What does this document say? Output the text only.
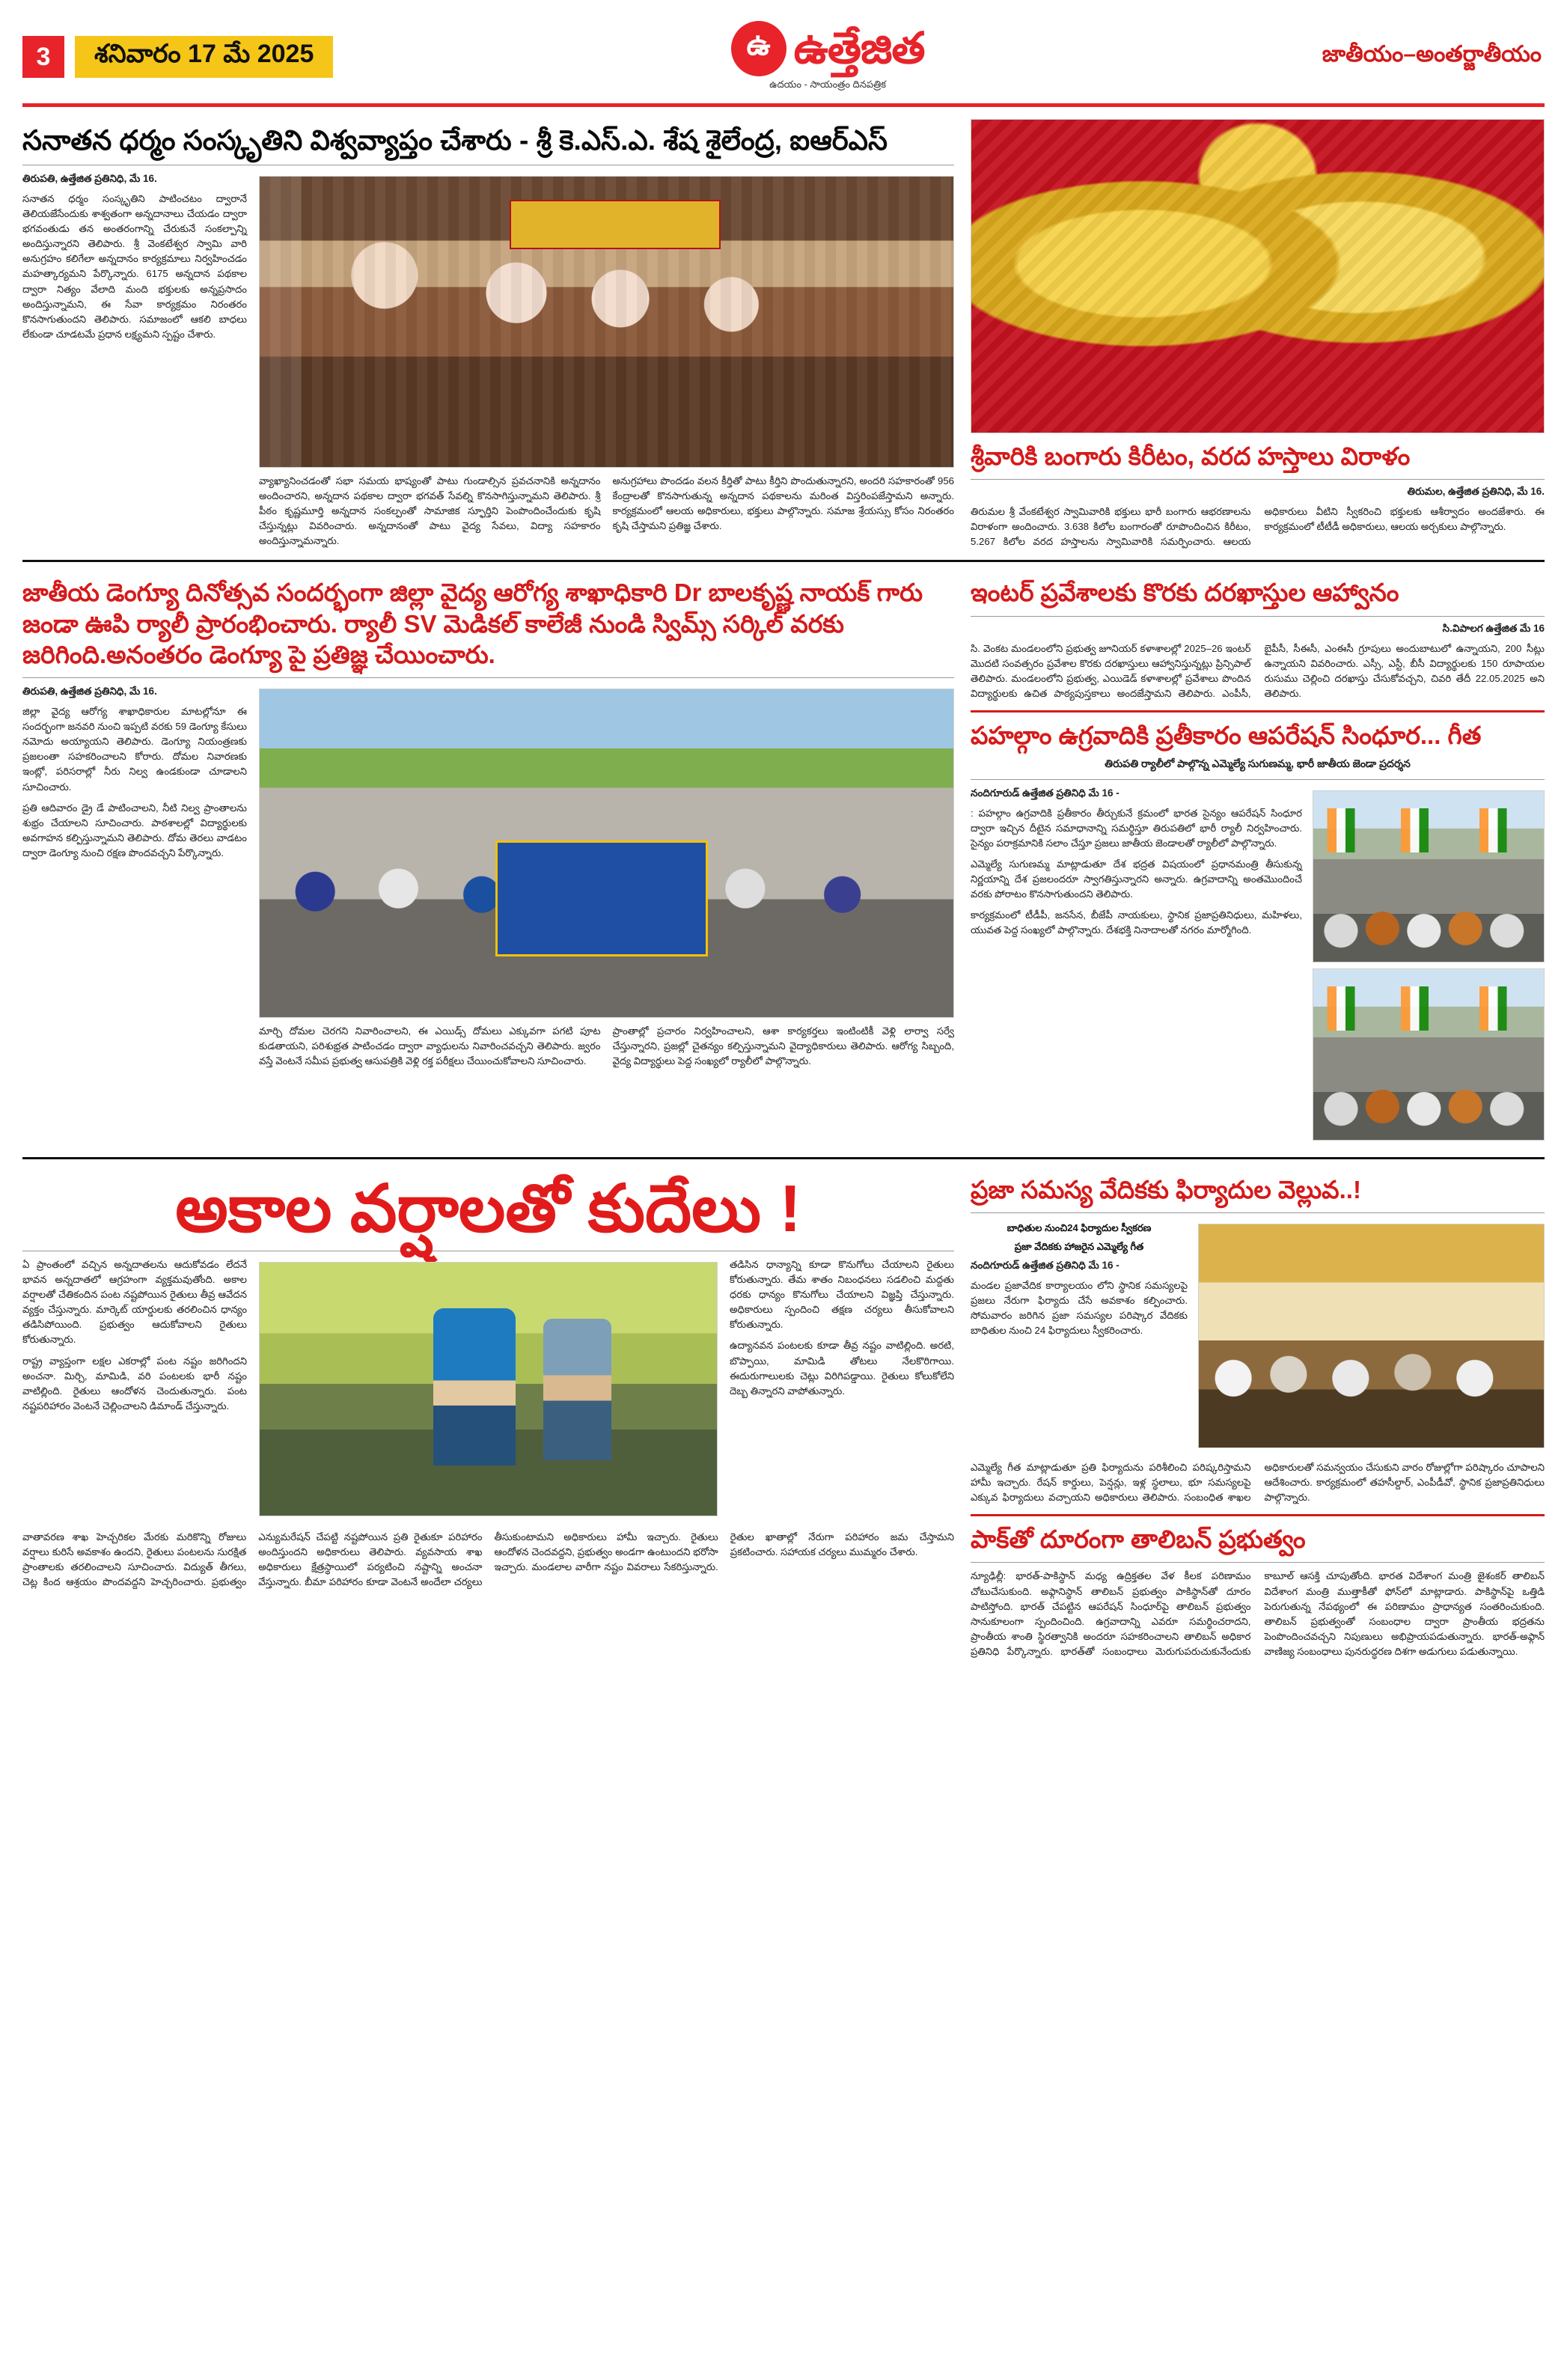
3	శనివారం 17 మే 2025	ఉ ఉత్తేజిత
ఉదయం - సాయంత్రం దినపత్రిక
జాతీయం–అంతర్జాతీయం
సనాతన ధర్మం సంస్కృతిని విశ్వవ్యాప్తం చేశారు - శ్రీ కె.ఎస్.ఎ. శేష శైలేంద్ర, ఐఆర్ఎస్
తిరుపతి, ఉత్తేజిత ప్రతినిధి, మే 16.
సనాతన ధర్మం సంస్కృతిని పాటించటం ద్వారానే తెలియజేసేందుకు శాశ్వతంగా అన్నదానాలు చేయడం ద్వారా భగవంతుడు తన అంతరంగాన్ని చేరుకునే సంకల్పాన్ని అందిస్తున్నారని తెలిపారు. శ్రీ వెంకటేశ్వర స్వామి వారి అనుగ్రహం కలిగేలా అన్నదానం కార్యక్రమాలు నిర్వహించడం మహత్కార్యమని పేర్కొన్నారు. 6175 అన్నదాన పథకాల ద్వారా నిత్యం వేలాది మంది భక్తులకు అన్నప్రసాదం అందిస్తున్నామని, ఈ సేవా కార్యక్రమం నిరంతరం కొనసాగుతుందని తెలిపారు. సమాజంలో ఆకలి బాధలు లేకుండా చూడటమే ప్రధాన లక్ష్యమని స్పష్టం చేశారు.
వ్యాఖ్యానించడంతో సభా సమయ భాష్యంతో పాటు గుండాల్సిన ప్రవచనానికి అన్నదానం అందించారని, అన్నదాన పథకాల ద్వారా భగవత్ సేవల్ని కొనసాగిస్తున్నామని తెలిపారు. శ్రీ పీఠం కృష్ణమూర్తి అన్నదాన సంకల్పంతో సామాజిక స్ఫూర్తిని పెంపొందించేందుకు కృషి చేస్తున్నట్లు వివరించారు. అన్నదానంతో పాటు వైద్య సేవలు, విద్యా సహకారం అందిస్తున్నామన్నారు.
అనుగ్రహాలు పొందడం వలన కీర్తితో పాటు కీర్తిని పొందుతున్నారని, అందరి సహకారంతో 956 కేంద్రాలతో కొనసాగుతున్న అన్నదాన పథకాలను మరింత విస్తరింపజేస్తామని అన్నారు. కార్యక్రమంలో ఆలయ అధికారులు, భక్తులు పాల్గొన్నారు. సమాజ శ్రేయస్సు కోసం నిరంతరం కృషి చేస్తామని ప్రతిజ్ఞ చేశారు.
శ్రీవారికి బంగారు కిరీటం, వరద హస్తాలు విరాళం
తిరుమల, ఉత్తేజిత ప్రతినిధి, మే 16.
తిరుమల శ్రీ వేంకటేశ్వర స్వామివారికి భక్తులు భారీ బంగారు ఆభరణాలను విరాళంగా అందించారు. 3.638 కిలోల బంగారంతో రూపొందించిన కిరీటం, 5.267 కిలోల వరద హస్తాలను స్వామివారికి సమర్పించారు. ఆలయ అధికారులు వీటిని స్వీకరించి భక్తులకు ఆశీర్వాదం అందజేశారు. ఈ కార్యక్రమంలో టీటీడీ అధికారులు, ఆలయ అర్చకులు పాల్గొన్నారు.
జాతీయ డెంగ్యూ దినోత్సవ సందర్భంగా జిల్లా వైద్య ఆరోగ్య శాఖాధికారి Dr బాలకృష్ణ నాయక్ గారు జండా ఊపి ర్యాలీ ప్రారంభించారు. ర్యాలీ SV మెడికల్ కాలేజీ నుండి స్విమ్స్ సర్కిల్ వరకు జరిగింది.అనంతరం డెంగ్యూ పై ప్రతిజ్ఞ చేయించారు.
తిరుపతి, ఉత్తేజిత ప్రతినిధి, మే 16.
జిల్లా వైద్య ఆరోగ్య శాఖాధికారుల మాటల్లోనూ ఈ సందర్భంగా జనవరి నుంచి ఇప్పటి వరకు 59 డెంగ్యూ కేసులు నమోదు అయ్యాయని తెలిపారు. డెంగ్యూ నియంత్రణకు ప్రజలంతా సహకరించాలని కోరారు. దోమల నివారణకు ఇంట్లో, పరిసరాల్లో నీరు నిల్వ ఉండకుండా చూడాలని సూచించారు.
ప్రతి ఆదివారం డ్రై డే పాటించాలని, నీటి నిల్వ ప్రాంతాలను శుభ్రం చేయాలని సూచించారు. పాఠశాలల్లో విద్యార్థులకు అవగాహన కల్పిస్తున్నామని తెలిపారు. దోమ తెరలు వాడటం ద్వారా డెంగ్యూ నుంచి రక్షణ పొందవచ్చని పేర్కొన్నారు.
మార్చి దోమల చెరగని నివారించాలని, ఈ ఎయిడ్స్ దోమలు ఎక్కువగా పగటి పూట కుడతాయని, పరిశుభ్రత పాటించడం ద్వారా వ్యాధులను నివారించవచ్చని తెలిపారు. జ్వరం వస్తే వెంటనే సమీప ప్రభుత్వ ఆసుపత్రికి వెళ్లి రక్త పరీక్షలు చేయించుకోవాలని సూచించారు.
ప్రాంతాల్లో ప్రచారం నిర్వహించాలని, ఆశా కార్యకర్తలు ఇంటింటికీ వెళ్లి లార్వా సర్వే చేస్తున్నారని, ప్రజల్లో చైతన్యం కల్పిస్తున్నామని వైద్యాధికారులు తెలిపారు. ఆరోగ్య సిబ్బంది, వైద్య విద్యార్థులు పెద్ద సంఖ్యలో ర్యాలీలో పాల్గొన్నారు.
ఇంటర్ ప్రవేశాలకు కొరకు దరఖాస్తుల ఆహ్వానం
సి.విపాలగ ఉత్తేజిత మే 16
సి. వెంకట మండలంలోని ప్రభుత్వ జూనియర్ కళాశాలల్లో 2025–26 ఇంటర్ మొదటి సంవత్సరం ప్రవేశాల కొరకు దరఖాస్తులు ఆహ్వానిస్తున్నట్లు ప్రిన్సిపాల్ తెలిపారు. మండలంలోని ప్రభుత్వ, ఎయిడెడ్ కళాశాలల్లో ప్రవేశాలు పొందిన విద్యార్థులకు ఉచిత పాఠ్యపుస్తకాలు అందజేస్తామని తెలిపారు. ఎంపీసీ, బైపీసీ, సీఈసీ, ఎంఈసీ గ్రూపులు అందుబాటులో ఉన్నాయని, 200 సీట్లు ఉన్నాయని వివరించారు. ఎస్సీ, ఎస్టీ, బీసీ విద్యార్థులకు 150 రూపాయల రుసుము చెల్లించి దరఖాస్తు చేసుకోవచ్చని, చివరి తేదీ 22.05.2025 అని తెలిపారు.
పహల్గాం ఉగ్రవాదికి ప్రతీకారం ఆపరేషన్ సింధూర... గీత
తిరుపతి ర్యాలీలో పాల్గొన్న ఎమ్మెల్యే సుగుణమ్మ, భారీ జాతీయ జెండా ప్రదర్శన
నందిగూరుడ్ ఉత్తేజిత ప్రతినిధి మే 16 -
: పహల్గాం ఉగ్రవాదికి ప్రతీకారం తీర్చుకునే క్రమంలో భారత సైన్యం ఆపరేషన్ సింధూర ద్వారా ఇచ్చిన దీటైన సమాధానాన్ని సమర్థిస్తూ తిరుపతిలో భారీ ర్యాలీ నిర్వహించారు. సైన్యం పరాక్రమానికి సలాం చేస్తూ ప్రజలు జాతీయ జెండాలతో ర్యాలీలో పాల్గొన్నారు.
ఎమ్మెల్యే సుగుణమ్మ మాట్లాడుతూ దేశ భద్రత విషయంలో ప్రధానమంత్రి తీసుకున్న నిర్ణయాన్ని దేశ ప్రజలందరూ స్వాగతిస్తున్నారని అన్నారు. ఉగ్రవాదాన్ని అంతమొందించే వరకు పోరాటం కొనసాగుతుందని తెలిపారు.
కార్యక్రమంలో టీడీపీ, జనసేన, బీజేపీ నాయకులు, స్థానిక ప్రజాప్రతినిధులు, మహిళలు, యువత పెద్ద సంఖ్యలో పాల్గొన్నారు. దేశభక్తి నినాదాలతో నగరం మార్మోగింది.
అకాల వర్షాలతో కుదేలు !
ఏ ప్రాంతంలో వచ్చిన అన్నదాతలను ఆదుకోవడం లేదనే భావన అన్నదాతలో ఆగ్రహంగా వ్యక్తమవుతోంది. అకాల వర్షాలతో చేతికందిన పంట నష్టపోయిన రైతులు తీవ్ర ఆవేదన వ్యక్తం చేస్తున్నారు. మార్కెట్ యార్డులకు తరలించిన ధాన్యం తడిసిపోయింది. ప్రభుత్వం ఆదుకోవాలని రైతులు కోరుతున్నారు.
రాష్ట్ర వ్యాప్తంగా లక్షల ఎకరాల్లో పంట నష్టం జరిగిందని అంచనా. మిర్చి, మామిడి, వరి పంటలకు భారీ నష్టం వాటిల్లింది. రైతులు ఆందోళన చెందుతున్నారు. పంట నష్టపరిహారం వెంటనే చెల్లించాలని డిమాండ్ చేస్తున్నారు.
తడిసిన ధాన్యాన్ని కూడా కొనుగోలు చేయాలని రైతులు కోరుతున్నారు. తేమ శాతం నిబంధనలు సడలించి మద్దతు ధరకు ధాన్యం కొనుగోలు చేయాలని విజ్ఞప్తి చేస్తున్నారు. అధికారులు స్పందించి తక్షణ చర్యలు తీసుకోవాలని కోరుతున్నారు.
ఉద్యానవన పంటలకు కూడా తీవ్ర నష్టం వాటిల్లింది. అరటి, బొప్పాయి, మామిడి తోటలు నేలకొరిగాయి. ఈదురుగాలులకు చెట్లు విరిగిపడ్డాయి. రైతులు కోలుకోలేని దెబ్బ తిన్నారని వాపోతున్నారు.
వాతావరణ శాఖ హెచ్చరికల మేరకు మరికొన్ని రోజులు వర్షాలు కురిసే అవకాశం ఉందని, రైతులు పంటలను సురక్షిత ప్రాంతాలకు తరలించాలని సూచించారు. విద్యుత్ తీగలు, చెట్ల కింద ఆశ్రయం పొందవద్దని హెచ్చరించారు. ప్రభుత్వం ఎన్యుమరేషన్ చేపట్టి నష్టపోయిన ప్రతి రైతుకూ పరిహారం అందిస్తుందని అధికారులు తెలిపారు. వ్యవసాయ శాఖ అధికారులు క్షేత్రస్థాయిలో పర్యటించి నష్టాన్ని అంచనా వేస్తున్నారు. బీమా పరిహారం కూడా వెంటనే అందేలా చర్యలు తీసుకుంటామని అధికారులు హామీ ఇచ్చారు. రైతులు ఆందోళన చెందవద్దని, ప్రభుత్వం అండగా ఉంటుందని భరోసా ఇచ్చారు. మండలాల వారీగా నష్టం వివరాలు సేకరిస్తున్నారు. రైతుల ఖాతాల్లో నేరుగా పరిహారం జమ చేస్తామని ప్రకటించారు. సహాయక చర్యలు ముమ్మరం చేశారు.
ప్రజా సమస్య వేదికకు ఫిర్యాదుల వెల్లువ..!
బాధితుల నుంచి24 ఫిర్యాదుల స్వీకరణ
ప్రజా వేదికకు హాజరైన ఎమ్మెల్యే గీత
నందిగూరుడ్ ఉత్తేజిత ప్రతినిధి మే 16 -
మండల ప్రజావేదిక కార్యాలయం లోని స్థానిక సమస్యలపై ప్రజలు నేరుగా ఫిర్యాదు చేసే అవకాశం కల్పించారు. సోమవారం జరిగిన ప్రజా సమస్యల పరిష్కార వేదికకు బాధితుల నుంచి 24 ఫిర్యాదులు స్వీకరించారు.
ఎమ్మెల్యే గీత మాట్లాడుతూ ప్రతి ఫిర్యాదును పరిశీలించి పరిష్కరిస్తామని హామీ ఇచ్చారు. రేషన్ కార్డులు, పెన్షన్లు, ఇళ్ల స్థలాలు, భూ సమస్యలపై ఎక్కువ ఫిర్యాదులు వచ్చాయని అధికారులు తెలిపారు. సంబంధిత శాఖల అధికారులతో సమన్వయం చేసుకుని వారం రోజుల్లోగా పరిష్కారం చూపాలని ఆదేశించారు. కార్యక్రమంలో తహసీల్దార్, ఎంపీడీవో, స్థానిక ప్రజాప్రతినిధులు పాల్గొన్నారు.
పాక్‌తో దూరంగా తాలిబన్ ప్రభుత్వం
న్యూఢిల్లీ: భారత్-పాకిస్థాన్ మధ్య ఉద్రిక్తతల వేళ కీలక పరిణామం చోటుచేసుకుంది. అఫ్గానిస్థాన్ తాలిబన్ ప్రభుత్వం పాకిస్థాన్‌తో దూరం పాటిస్తోంది. భారత్ చేపట్టిన ఆపరేషన్ సింధూర్‌పై తాలిబన్ ప్రభుత్వం సానుకూలంగా స్పందించింది. ఉగ్రవాదాన్ని ఎవరూ సమర్థించరాదని, ప్రాంతీయ శాంతి స్థిరత్వానికి అందరూ సహకరించాలని తాలిబన్ అధికార ప్రతినిధి పేర్కొన్నారు. భారత్‌తో సంబంధాలు మెరుగుపరుచుకునేందుకు కాబూల్ ఆసక్తి చూపుతోంది. భారత విదేశాంగ మంత్రి జైశంకర్ తాలిబన్ విదేశాంగ మంత్రి ముత్తాకీతో ఫోన్‌లో మాట్లాడారు. పాకిస్థాన్‌పై ఒత్తిడి పెరుగుతున్న నేపథ్యంలో ఈ పరిణామం ప్రాధాన్యత సంతరించుకుంది. తాలిబన్ ప్రభుత్వంతో సంబంధాల ద్వారా ప్రాంతీయ భద్రతను పెంపొందించవచ్చని నిపుణులు అభిప్రాయపడుతున్నారు. భారత్-అఫ్గాన్ వాణిజ్య సంబంధాలు పునరుద్ధరణ దిశగా అడుగులు పడుతున్నాయి.
